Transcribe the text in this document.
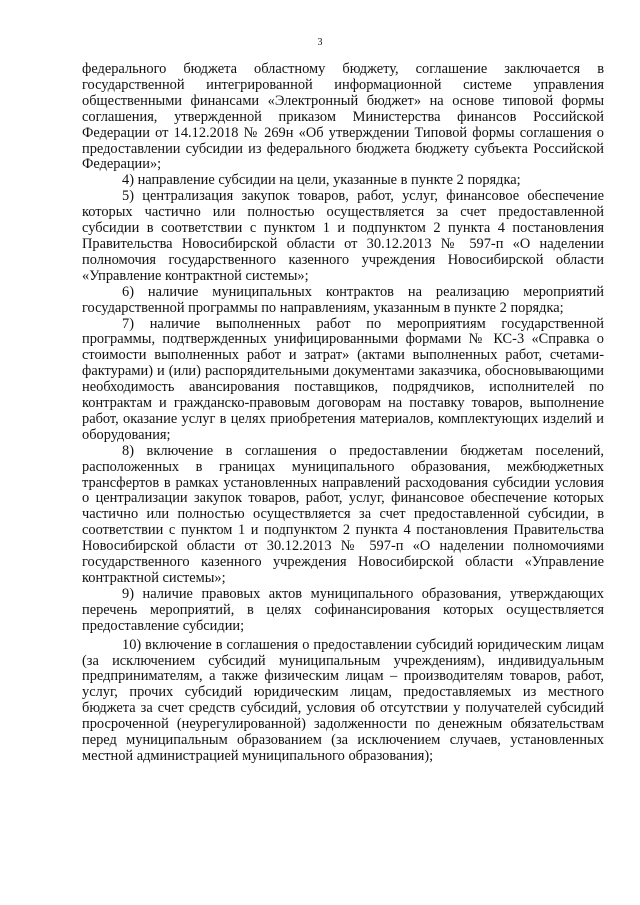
3

федерального бюджета областному бюджету, соглашение заключается в государственной интегрированной информационной системе управления общественными финансами «Электронный бюджет» на основе типовой формы соглашения, утвержденной приказом Министерства финансов Российской Федерации от 14.12.2018 № 269н «Об утверждении Типовой формы соглашения о предоставлении субсидии из федерального бюджета бюджету субъекта Российской Федерации»;

4) направление субсидии на цели, указанные в пункте 2 порядка;

5) централизация закупок товаров, работ, услуг, финансовое обеспечение которых частично или полностью осуществляется за счет предоставленной субсидии в соответствии с пунктом 1 и подпунктом 2 пункта 4 постановления Правительства Новосибирской области от 30.12.2013 № 597-п «О наделении полномочия государственного казенного учреждения Новосибирской области «Управление контрактной системы»;

6) наличие муниципальных контрактов на реализацию мероприятий государственной программы по направлениям, указанным в пункте 2 порядка;

7) наличие выполненных работ по мероприятиям государственной программы, подтвержденных унифицированными формами № КС-3 «Справка о стоимости выполненных работ и затрат» (актами выполненных работ, счетами-фактурами) и (или) распорядительными документами заказчика, обосновывающими необходимость авансирования поставщиков, подрядчиков, исполнителей по контрактам и гражданско-правовым договорам на поставку товаров, выполнение работ, оказание услуг в целях приобретения материалов, комплектующих изделий и оборудования;

8) включение в соглашения о предоставлении бюджетам поселений, расположенных в границах муниципального образования, межбюджетных трансфертов в рамках установленных направлений расходования субсидии условия о централизации закупок товаров, работ, услуг, финансовое обеспечение которых частично или полностью осуществляется за счет предоставленной субсидии, в соответствии с пунктом 1 и подпунктом 2 пункта 4 постановления Правительства Новосибирской области от 30.12.2013 № 597-п «О наделении полномочиями государственного казенного учреждения Новосибирской области «Управление контрактной системы»;

9) наличие правовых актов муниципального образования, утверждающих перечень мероприятий, в целях софинансирования которых осуществляется предоставление субсидии;

10) включение в соглашения о предоставлении субсидий юридическим лицам (за исключением субсидий муниципальным учреждениям), индивидуальным предпринимателям, а также физическим лицам – производителям товаров, работ, услуг, прочих субсидий юридическим лицам, предоставляемых из местного бюджета за счет средств субсидий, условия об отсутствии у получателей субсидий просроченной (неурегулированной) задолженности по денежным обязательствам перед муниципальным образованием (за исключением случаев, установленных местной администрацией муниципального образования);
